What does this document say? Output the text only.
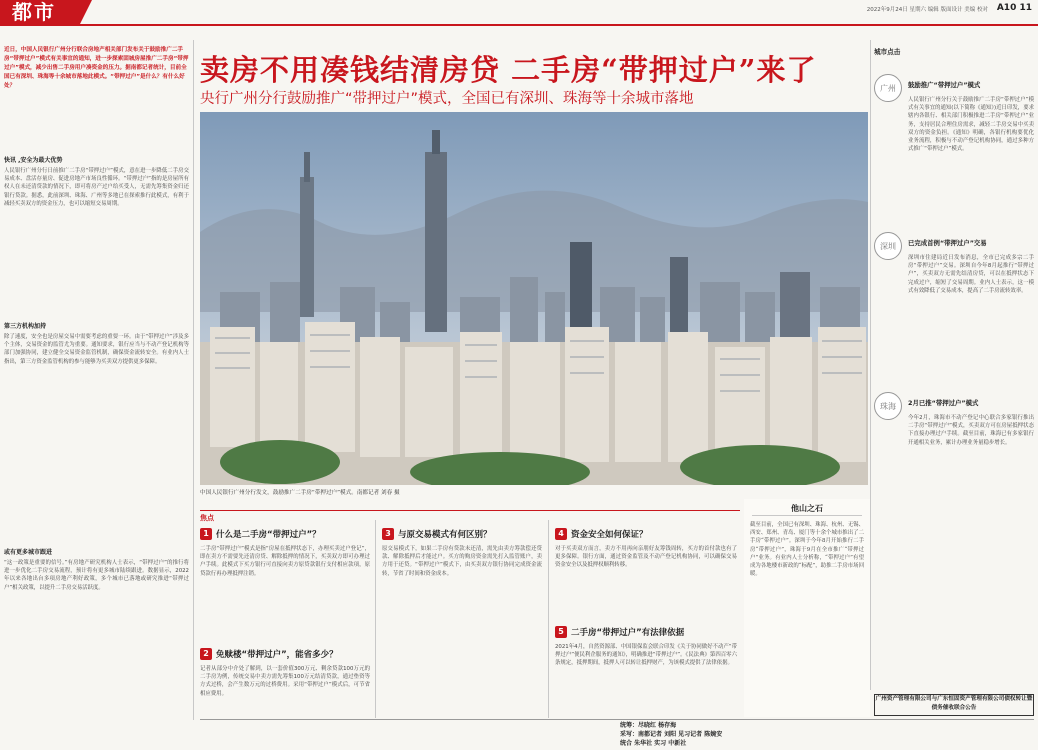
都市	2022年9月24日 星期六 编辑 版面设计 美编 校对 A10 11

近日，中国人民银行广州分行联合房地产相关部门发布关于鼓励推广二手房“带押过户”模式有关事宜的通知，进一步探索固城房屋推广二手房“带押过户”模式，减少出售二手房用户凑资金的压力。据南都记者统计，目前全国已有深圳、珠海等十余城市落地此模式。“带押过户”是什么？有什么好处？

快讯 ,安全为最大优势
人民银行广州分行日前推广二手房“带押过户”模式，意在进一步降低二手房交易成本、盘活存量房、促进房地产市场良性循环。“带押过户”指的是房屋所有权人在未还清贷款的情况下，即可将房产过户给买受人，无需先筹集资金归还银行贷款。据悉，此前深圳、珠海、广州等多地已在探索推行此模式，有利于减轻买卖双方的资金压力，也可以缩短交易周期。
第三方机构加持
除了速度，安全也是房屋交易中需要考虑的重要一环。由于“带押过户”涉及多个主体，交易资金的监管尤为重要。通知要求，银行应当与不动产登记机构等部门加强协同，建立健全交易资金监管机制，确保资金流转安全。有业内人士指出，第三方资金监管机构的参与能够为买卖双方提供更多保障。
或有更多城市跟进
“这一政策是重要的信号。”有房地产研究机构人士表示，“带押过户”的推行将进一步优化二手房交易流程，预计将有更多城市陆续跟进。数据显示，2022年以来各地出台多项房地产利好政策，多个城市已落地或研究推进“带押过户”相关政策，以提升二手房交易活跃度。
卖房不用凑钱结清房贷 二手房“带押过户”来了
央行广州分行鼓励推广“带押过户”模式，全国已有深圳、珠海等十余城市落地
中国人民银行广州分行发文，鼓励推广二手房“带押过户”模式。南都记者 刘春 摄
焦点
1 什么是二手房“带押过户”？
二手房“带押过户”模式是指“房屋在抵押状态下，办理买卖过户登记”，即在卖方不需要先还清房贷、解除抵押的情况下，买卖双方即可办理过户手续。此模式下买方银行可直接向卖方原贷款银行支付相应款项，原贷款行再办理抵押注销。
2 免赎楼“带押过户”，能省多少？
记者从部分中介处了解到，以一套价值300万元、剩余贷款100万元的二手房为例，传统交易中卖方需先筹集100万元结清贷款，通过垫资等方式过桥，会产生数万元的过桥费用。采用“带押过户”模式后，可节省相应费用。
3 与原交易模式有何区别？
原交易模式下，如果二手房有贷款未还清，需先由卖方筹款偿还贷款、解除抵押后才能过户。买方的购房资金需先打入监管账户，卖方用于还贷。“带押过户”模式下，由买卖双方银行协同完成资金流转，节省了时间和资金成本。
4 资金安全如何保证？
对于买卖双方而言，卖方不用再向亲朋好友筹钱周转，买方的首付款也有了更多保障。银行方面，通过资金监管及不动产登记机构协同，可以确保交易资金安全以及抵押权顺利转移。
5 二手房“带押过户”有法律依据
2021年4月，自然资源部、中国银保监会联合印发《关于协同做好不动产“带押过户”便民利企服务的通知》，明确推进“带押过户”。《民法典》第四百零六条规定，抵押期间，抵押人可以转让抵押财产，为该模式提供了法律依据。
他山之石
截至目前，全国已有深圳、珠海、杭州、无锡、西安、郑州、青岛、厦门等十余个城市推出了二手房“带押过户”。深圳于今年8月开始推行二手房“带押过户”，珠海于9月在全市推广“带押过户”业务。有业内人士分析称，“带押过户”有望成为各地楼市新政的“标配”，助推二手房市场回暖。
城市点击
广州	鼓励推广“带押过户”模式
人民银行广州分行关于鼓励推广二手房“带押过户”模式有关事宜的通知(以下简称《通知》)近日印发，要求辖内各银行、相关部门积极推进二手房“带押过户”业务，支持居民合理住房需求，减轻二手房交易中买卖双方的资金负担。《通知》明确，各银行机构要优化业务流程，积极与不动产登记机构协同，通过多种方式推广“带押过户”模式。
深圳	已完成首例“带押过户”交易
深圳市住建局近日发布消息，全市已完成多宗二手房“带押过户”交易。深圳自今年8月起推行“带押过户”，买卖双方无需先结清房贷，可以在抵押状态下完成过户，缩短了交易周期。业内人士表示，这一模式有效降低了交易成本，提高了二手房流转效率。
珠海	2月已推“带押过户”模式
今年2月，珠海市不动产登记中心联合多家银行推出二手房“带押过户”模式，买卖双方可在房屋抵押状态下直接办理过户手续。截至目前，珠海已有多家银行开通相关业务，累计办理业务量稳步增长。
广州资产管理有限公司与广东恒固资产管理有限公司债权转让暨债务催收联合公告
统筹：尽晓红 杨存海
采写：南都记者 刘阳 见习记者 陈婉安
统合 朱华社 实习 中新社
